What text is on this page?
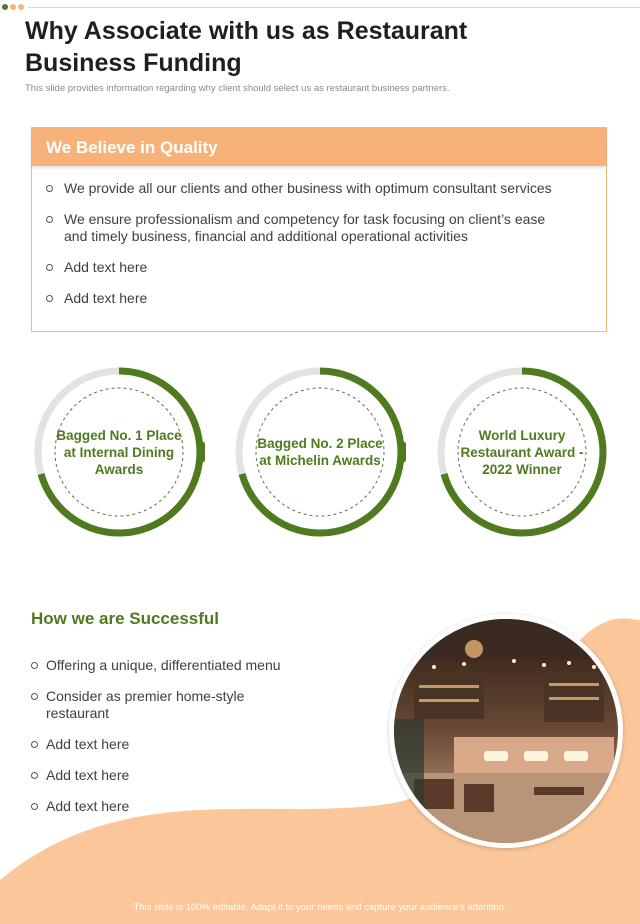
Why Associate with us as Restaurant Business Funding
This slide provides information regarding why client should select us as restaurant business partners.
We Believe in Quality
We provide all our clients and other business with optimum consultant services
We ensure professionalism and competency for task focusing on client’s ease and timely business, financial and additional operational activities
Add text here
Add text here
Bagged No. 1 Place at Internal Dining Awards
Bagged No. 2 Place at Michelin Awards
World Luxury Restaurant Award - 2022 Winner
How we are Successful
Offering a unique, differentiated menu
Consider as premier home-style restaurant
Add text here
Add text here
Add text here
This slide is 100% editable. Adapt it to your needs and capture your audience's attention.
